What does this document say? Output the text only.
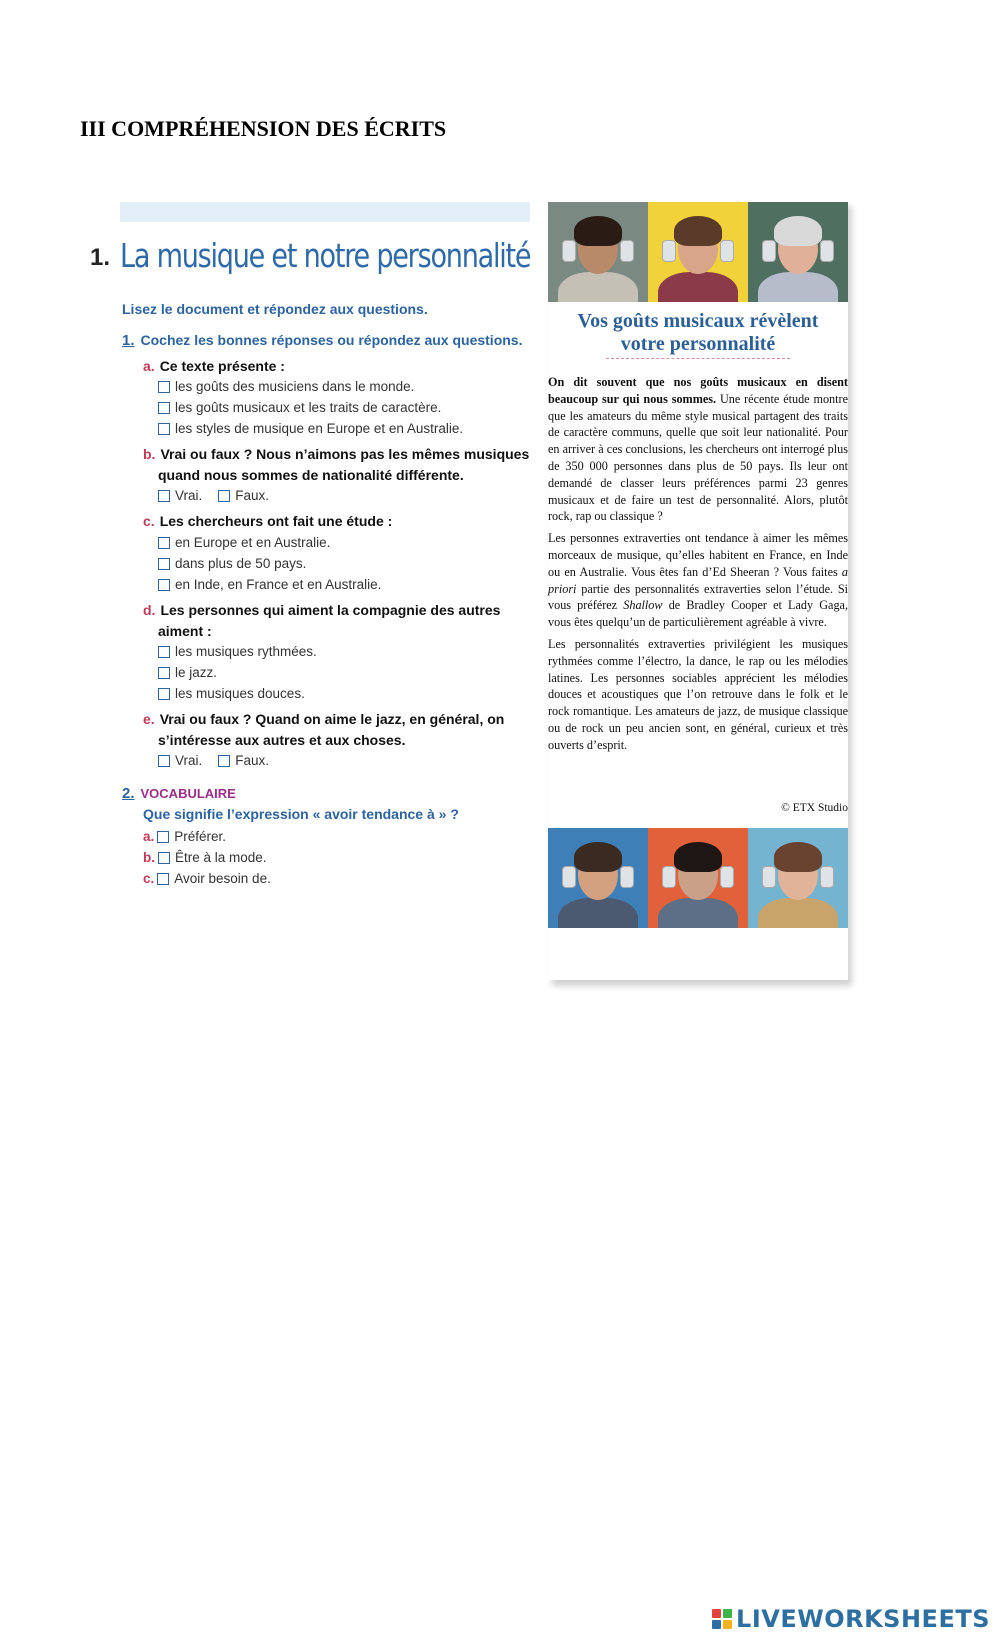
III COMPRÉHENSION DES ÉCRITS
1. La musique et notre personnalité
Lisez le document et répondez aux questions.
1. Cochez les bonnes réponses ou répondez aux questions.
a. Ce texte présente :
les goûts des musiciens dans le monde.
les goûts musicaux et les traits de caractère.
les styles de musique en Europe et en Australie.
b. Vrai ou faux ? Nous n’aimons pas les mêmes musiques
quand nous sommes de nationalité différente.
Vrai. Faux.
c. Les chercheurs ont fait une étude :
en Europe et en Australie.
dans plus de 50 pays.
en Inde, en France et en Australie.
d. Les personnes qui aiment la compagnie des autres
aiment :
les musiques rythmées.
le jazz.
les musiques douces.
e. Vrai ou faux ? Quand on aime le jazz, en général, on
s’intéresse aux autres et aux choses.
Vrai. Faux.
2. VOCABULAIRE
Que signifie l’expression « avoir tendance à » ?
a. Préférer.
b. Être à la mode.
c. Avoir besoin de.
Vos goûts musicaux révèlent
votre personnalité

On dit souvent que nos goûts musicaux en disent beaucoup sur qui nous sommes. Une récente étude montre que les amateurs du même style musical partagent des traits de caractère communs, quelle que soit leur nationalité. Pour en arriver à ces conclusions, les chercheurs ont interrogé plus de 350 000 personnes dans plus de 50 pays. Ils leur ont demandé de classer leurs préférences parmi 23 genres musicaux et de faire un test de personnalité. Alors, plutôt rock, rap ou classique ?

Les personnes extraverties ont tendance à aimer les mêmes morceaux de musique, qu’elles habitent en France, en Inde ou en Australie. Vous êtes fan d’Ed Sheeran ? Vous faites a priori partie des personnalités extraverties selon l’étude. Si vous préférez Shallow de Bradley Cooper et Lady Gaga, vous êtes quelqu’un de particulièrement agréable à vivre.

Les personnalités extraverties privilégient les musiques rythmées comme l’électro, la dance, le rap ou les mélodies latines. Les personnes sociables apprécient les mélodies douces et acoustiques que l’on retrouve dans le folk et le rock romantique. Les amateurs de jazz, de musique classique ou de rock un peu ancien sont, en général, curieux et très ouverts d’esprit.

© ETX Studio
LIVEWORKSHEETS
